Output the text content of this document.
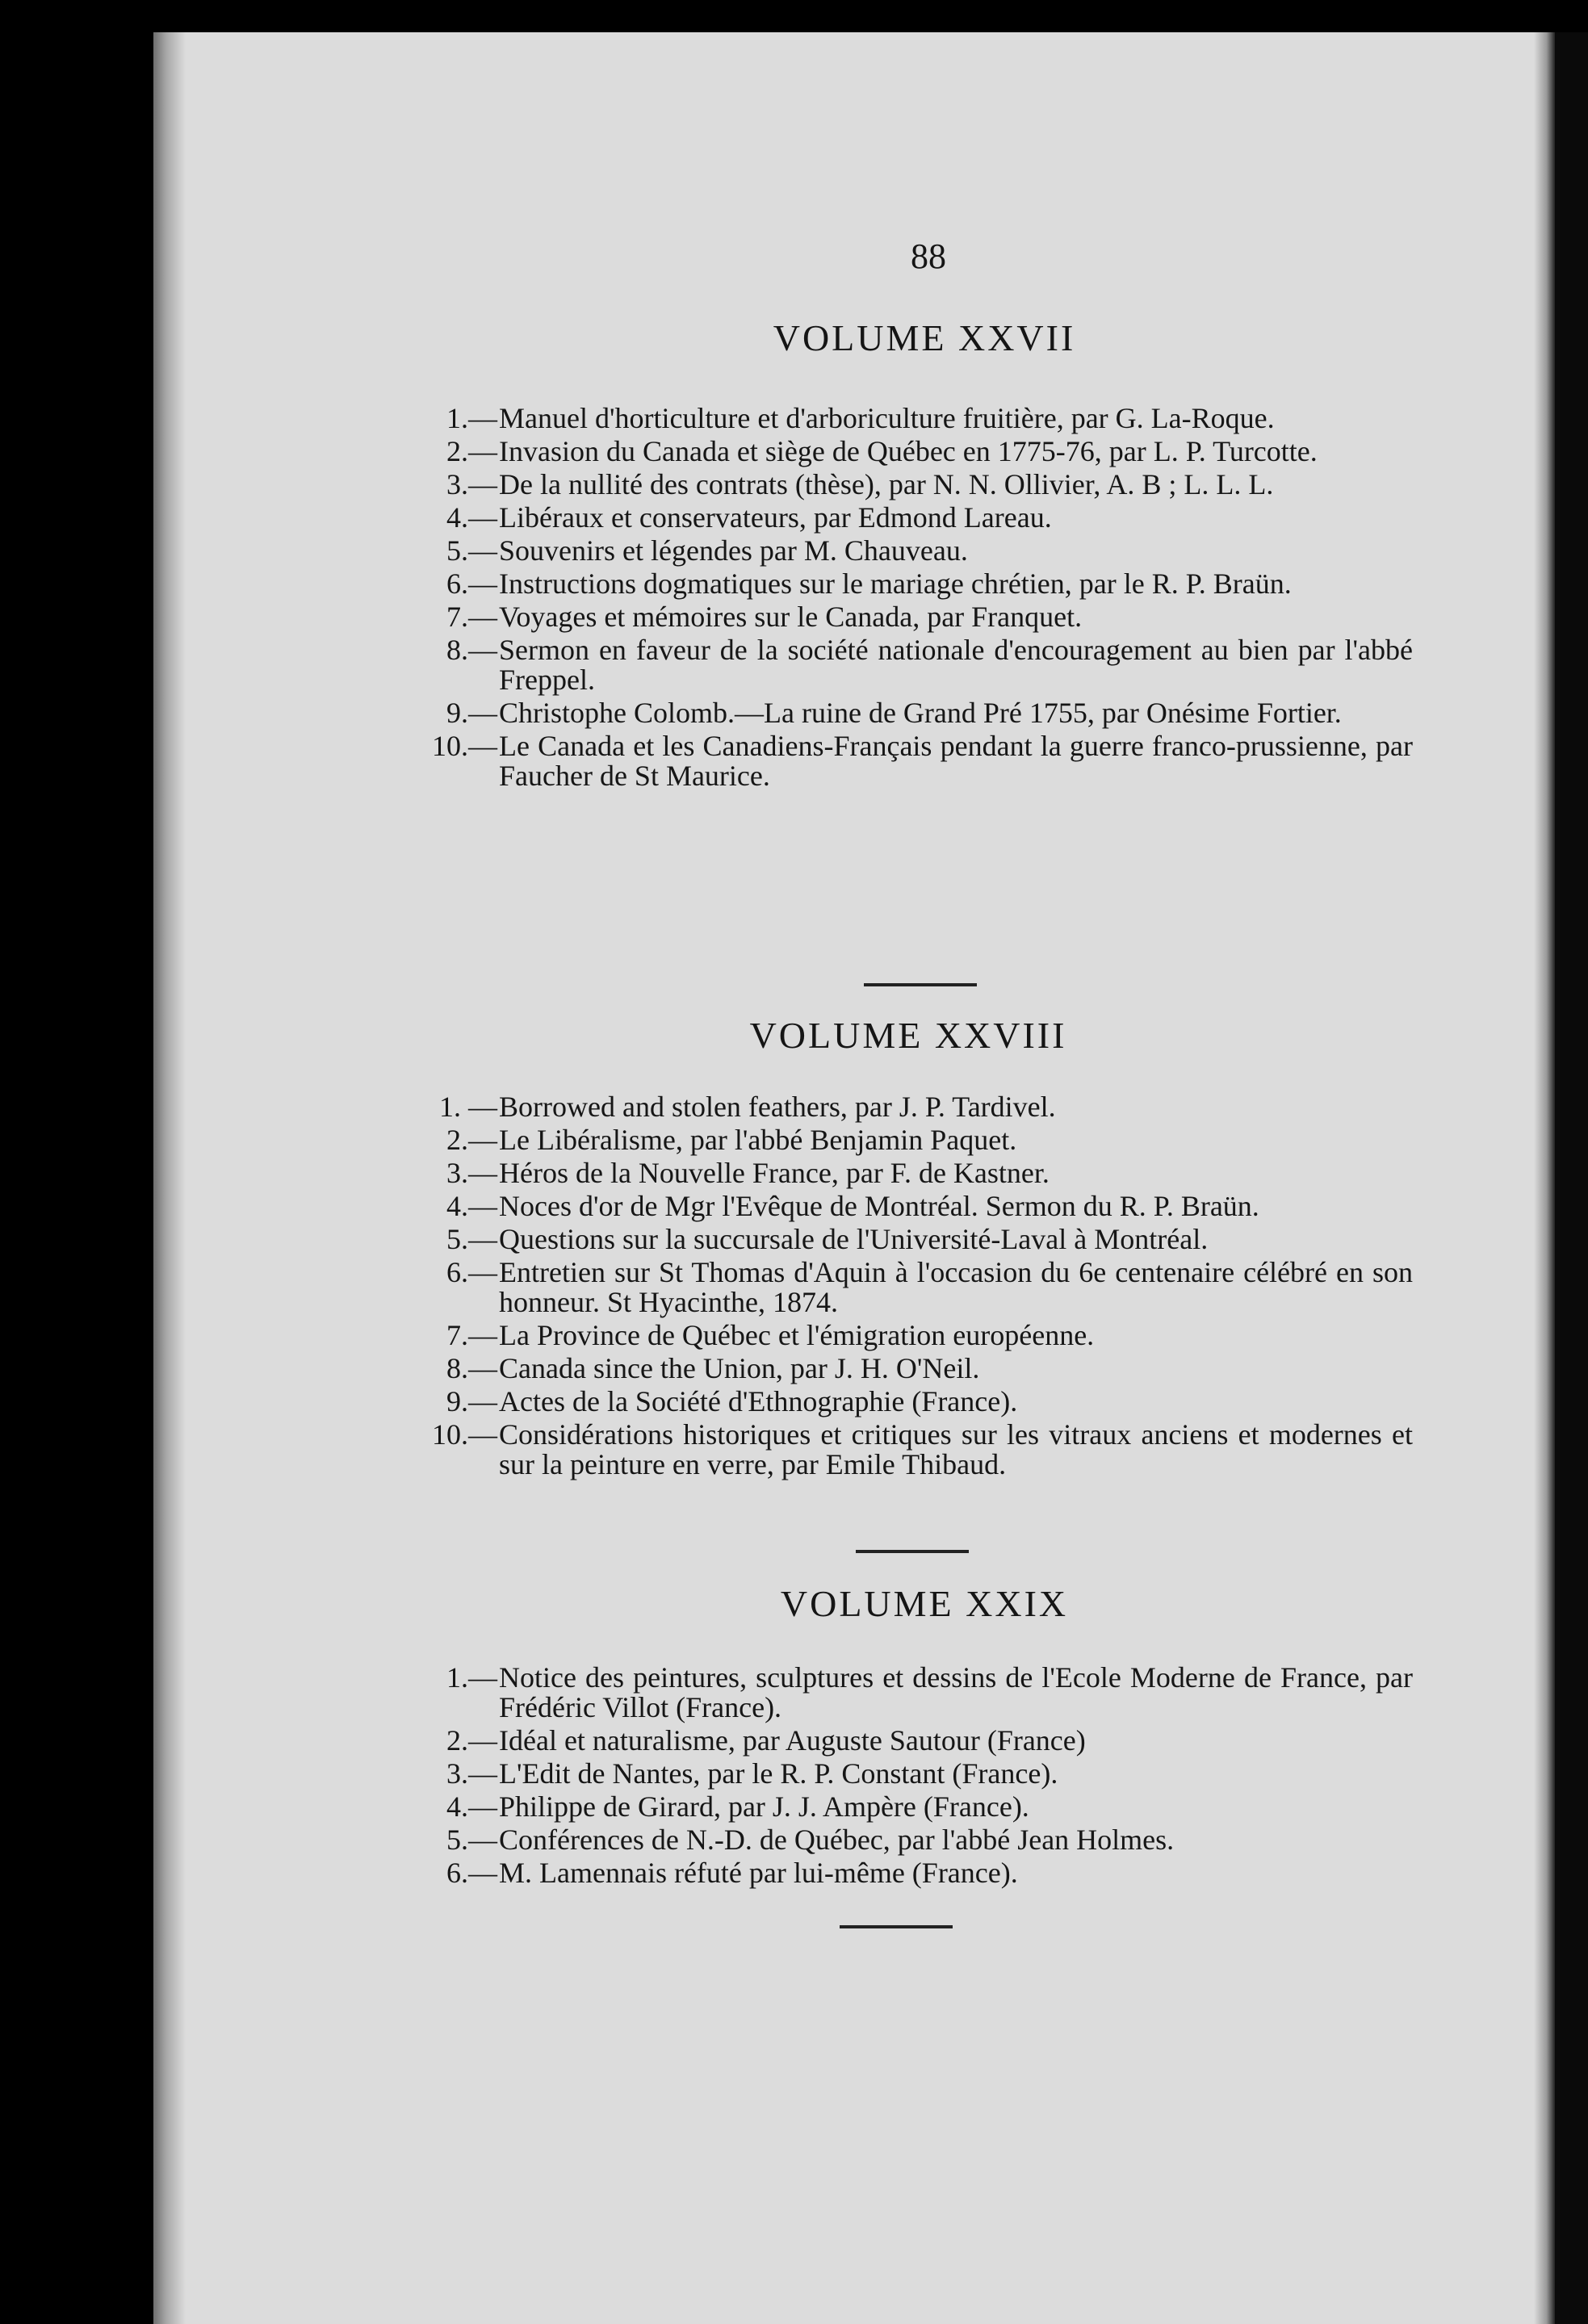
88
VOLUME XXVII
1.— Manuel d'horticulture et d'arboriculture fruitière, par G. La-Roque.
2.— Invasion du Canada et siège de Québec en 1775-76, par L. P. Turcotte.
3.— De la nullité des contrats (thèse), par N. N. Ollivier, A. B ; L. L. L.
4.— Libéraux et conservateurs, par Edmond Lareau.
5.— Souvenirs et légendes par M. Chauveau.
6.— Instructions dogmatiques sur le mariage chrétien, par le R. P. Braün.
7.— Voyages et mémoires sur le Canada, par Franquet.
8.— Sermon en faveur de la société nationale d'encouragement au bien par l'abbé Freppel.
9.— Christophe Colomb.—La ruine de Grand Pré 1755, par Onésime Fortier.
10.— Le Canada et les Canadiens-Français pendant la guerre franco-prussienne, par Faucher de St Maurice.
VOLUME XXVIII
1. — Borrowed and stolen feathers, par J. P. Tardivel.
2.— Le Libéralisme, par l'abbé Benjamin Paquet.
3.— Héros de la Nouvelle France, par F. de Kastner.
4.— Noces d'or de Mgr l'Evêque de Montréal. Sermon du R. P. Braün.
5.— Questions sur la succursale de l'Université-Laval à Montréal.
6.— Entretien sur St Thomas d'Aquin à l'occasion du 6e centenaire célébré en son honneur. St Hyacinthe, 1874.
7.— La Province de Québec et l'émigration européenne.
8.— Canada since the Union, par J. H. O'Neil.
9.— Actes de la Société d'Ethnographie (France).
10.— Considérations historiques et critiques sur les vitraux anciens et modernes et sur la peinture en verre, par Emile Thibaud.
VOLUME XXIX
1.— Notice des peintures, sculptures et dessins de l'Ecole Moderne de France, par Frédéric Villot (France).
2.— Idéal et naturalisme, par Auguste Sautour (France)
3.— L'Edit de Nantes, par le R. P. Constant (France).
4.— Philippe de Girard, par J. J. Ampère (France).
5.— Conférences de N.-D. de Québec, par l'abbé Jean Holmes.
6.— M. Lamennais réfuté par lui-même (France).
